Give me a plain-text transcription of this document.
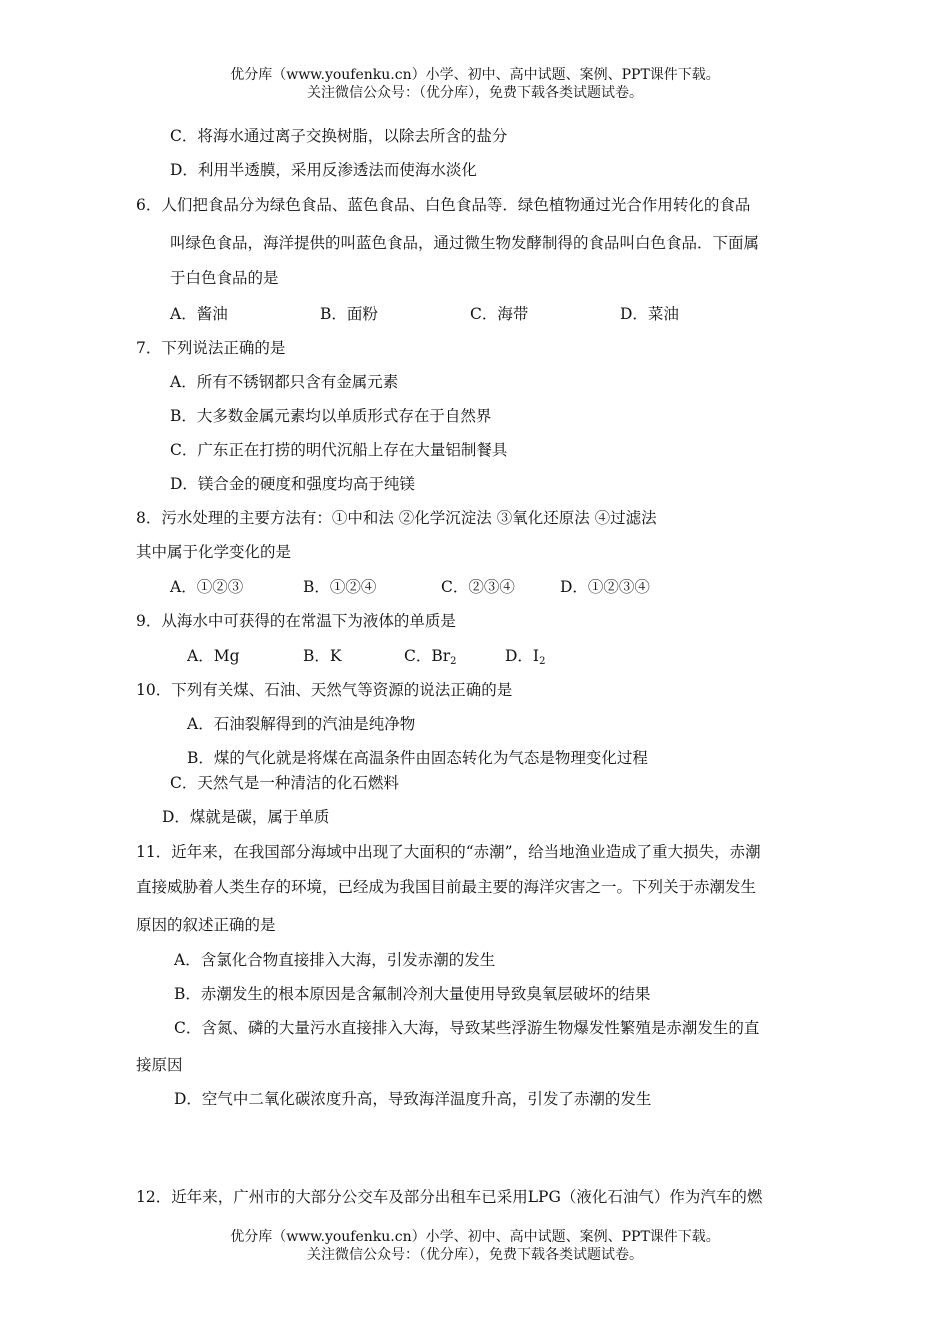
优分库（www.youfenku.cn）小学、初中、高中试题、案例、PPT课件下载。
关注微信公众号：（优分库），免费下载各类试题试卷。
C．将海水通过离子交换树脂，以除去所含的盐分
D．利用半透膜，采用反渗透法而使海水淡化
6．人们把食品分为绿色食品、蓝色食品、白色食品等．绿色植物通过光合作用转化的食品
叫绿色食品，海洋提供的叫蓝色食品，通过微生物发酵制得的食品叫白色食品．下面属
于白色食品的是
A．酱油	B．面粉	C．海带	D．菜油
7．下列说法正确的是
A．所有不锈钢都只含有金属元素
B．大多数金属元素均以单质形式存在于自然界
C．广东正在打捞的明代沉船上存在大量铝制餐具
D．镁合金的硬度和强度均高于纯镁
8．污水处理的主要方法有：①中和法 ②化学沉淀法 ③氧化还原法 ④过滤法
其中属于化学变化的是
A．①②③	B．①②④	C．②③④	D．①②③④
9．从海水中可获得的在常温下为液体的单质是
A．Mg	B．K	C．$Br_2$	D．$I_2$
10．下列有关煤、石油、天然气等资源的说法正确的是
A．石油裂解得到的汽油是纯净物
B．煤的气化就是将煤在高温条件由固态转化为气态是物理变化过程
C．天然气是一种清洁的化石燃料
D．煤就是碳，属于单质
11．近年来，在我国部分海域中出现了大面积的“赤潮”，给当地渔业造成了重大损失，赤潮
直接威胁着人类生存的环境，已经成为我国目前最主要的海洋灾害之一。下列关于赤潮发生
原因的叙述正确的是
A．含氯化合物直接排入大海，引发赤潮的发生
B．赤潮发生的根本原因是含氟制冷剂大量使用导致臭氧层破坏的结果
C．含氮、磷的大量污水直接排入大海，导致某些浮游生物爆发性繁殖是赤潮发生的直
接原因
D．空气中二氧化碳浓度升高，导致海洋温度升高，引发了赤潮的发生
12．近年来，广州市的大部分公交车及部分出租车已采用LPG（液化石油气）作为汽车的燃
优分库（www.youfenku.cn）小学、初中、高中试题、案例、PPT课件下载。
关注微信公众号：（优分库），免费下载各类试题试卷。
